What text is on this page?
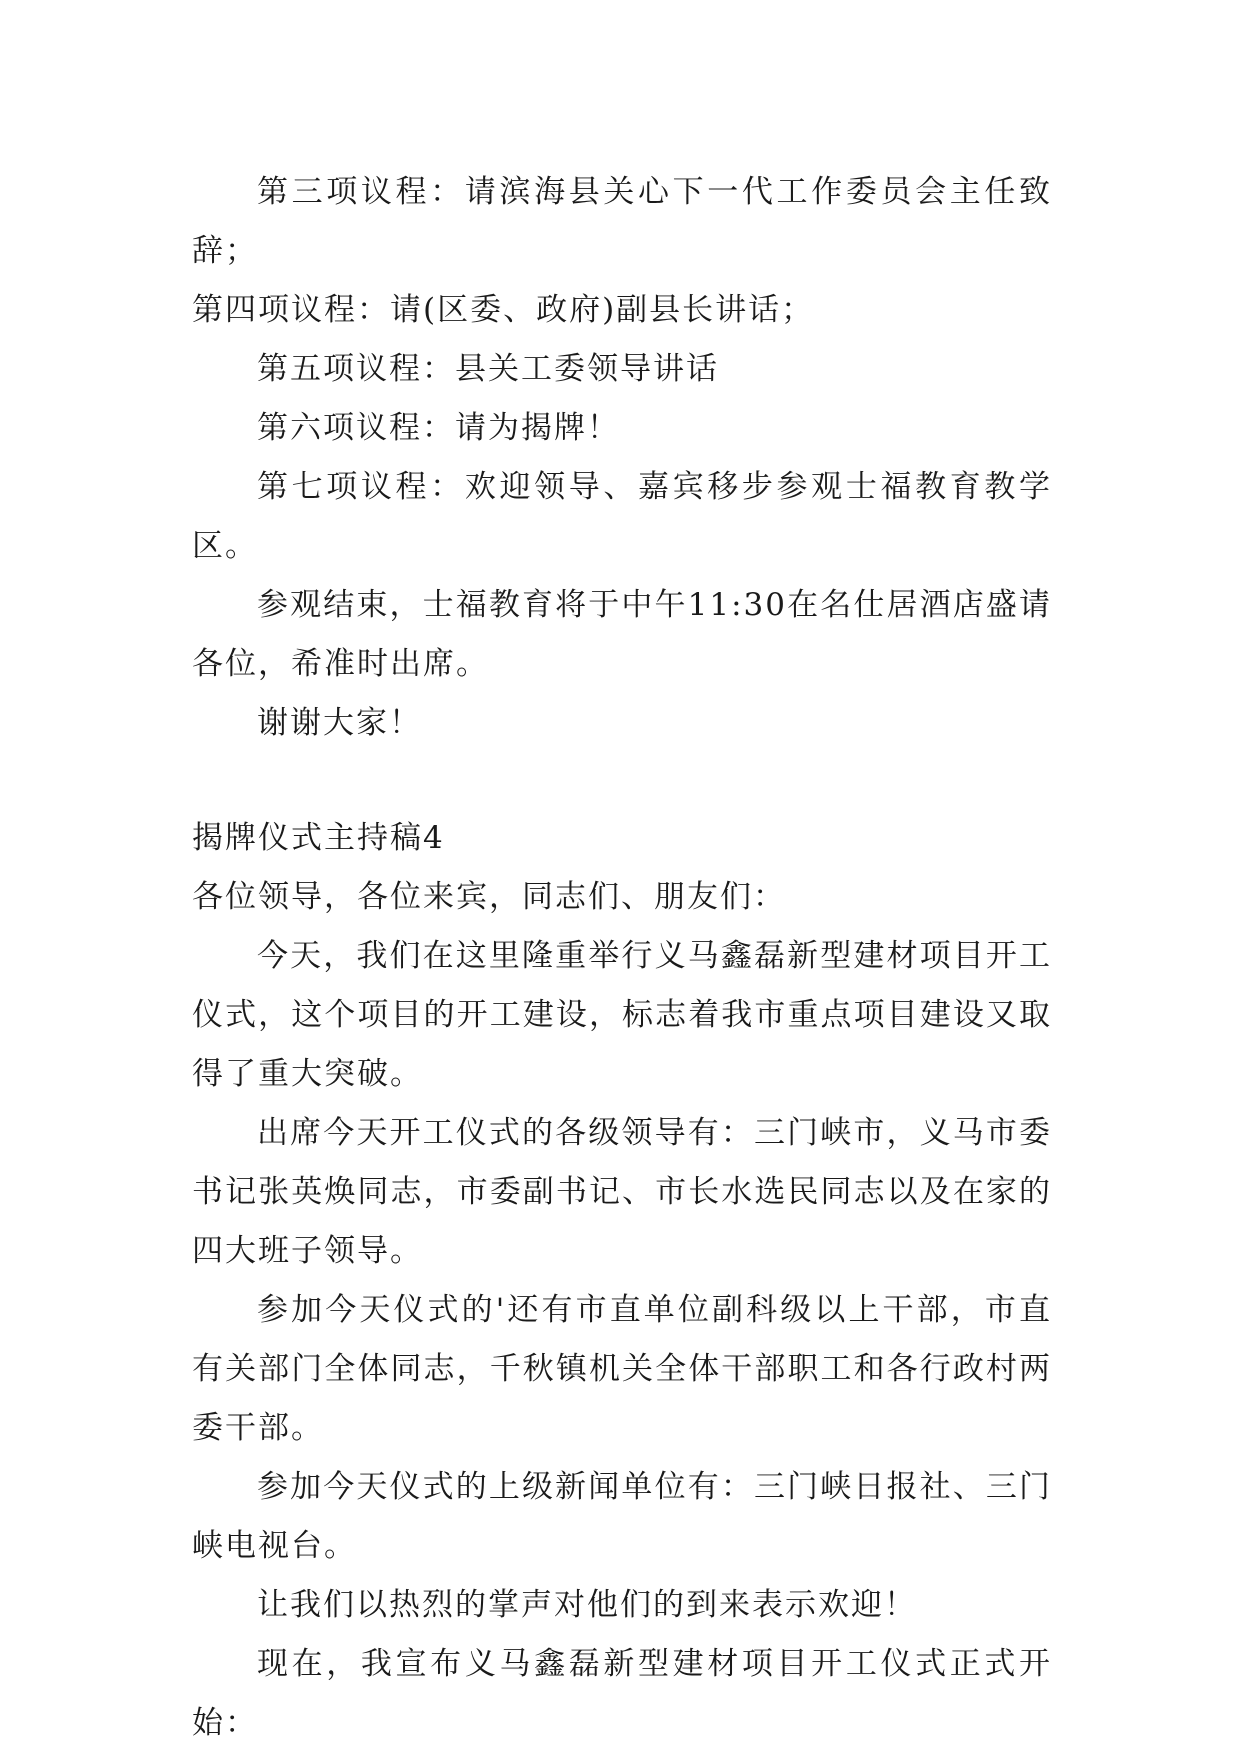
第三项议程：请滨海县关心下一代工作委员会主任致辞；

第四项议程：请(区委、政府)副县长讲话；

第五项议程：县关工委领导讲话

第六项议程：请为揭牌！

第七项议程：欢迎领导、嘉宾移步参观士福教育教学区。

参观结束，士福教育将于中午11:30在名仕居酒店盛请各位，希准时出席。

谢谢大家！

揭牌仪式主持稿4

各位领导，各位来宾，同志们、朋友们：

今天，我们在这里隆重举行义马鑫磊新型建材项目开工仪式，这个项目的开工建设，标志着我市重点项目建设又取得了重大突破。

出席今天开工仪式的各级领导有：三门峡市，义马市委书记张英焕同志，市委副书记、市长水选民同志以及在家的四大班子领导。

参加今天仪式的'还有市直单位副科级以上干部，市直有关部门全体同志，千秋镇机关全体干部职工和各行政村两委干部。

参加今天仪式的上级新闻单位有：三门峡日报社、三门峡电视台。

让我们以热烈的掌声对他们的到来表示欢迎！

现在，我宣布义马鑫磊新型建材项目开工仪式正式开始：
